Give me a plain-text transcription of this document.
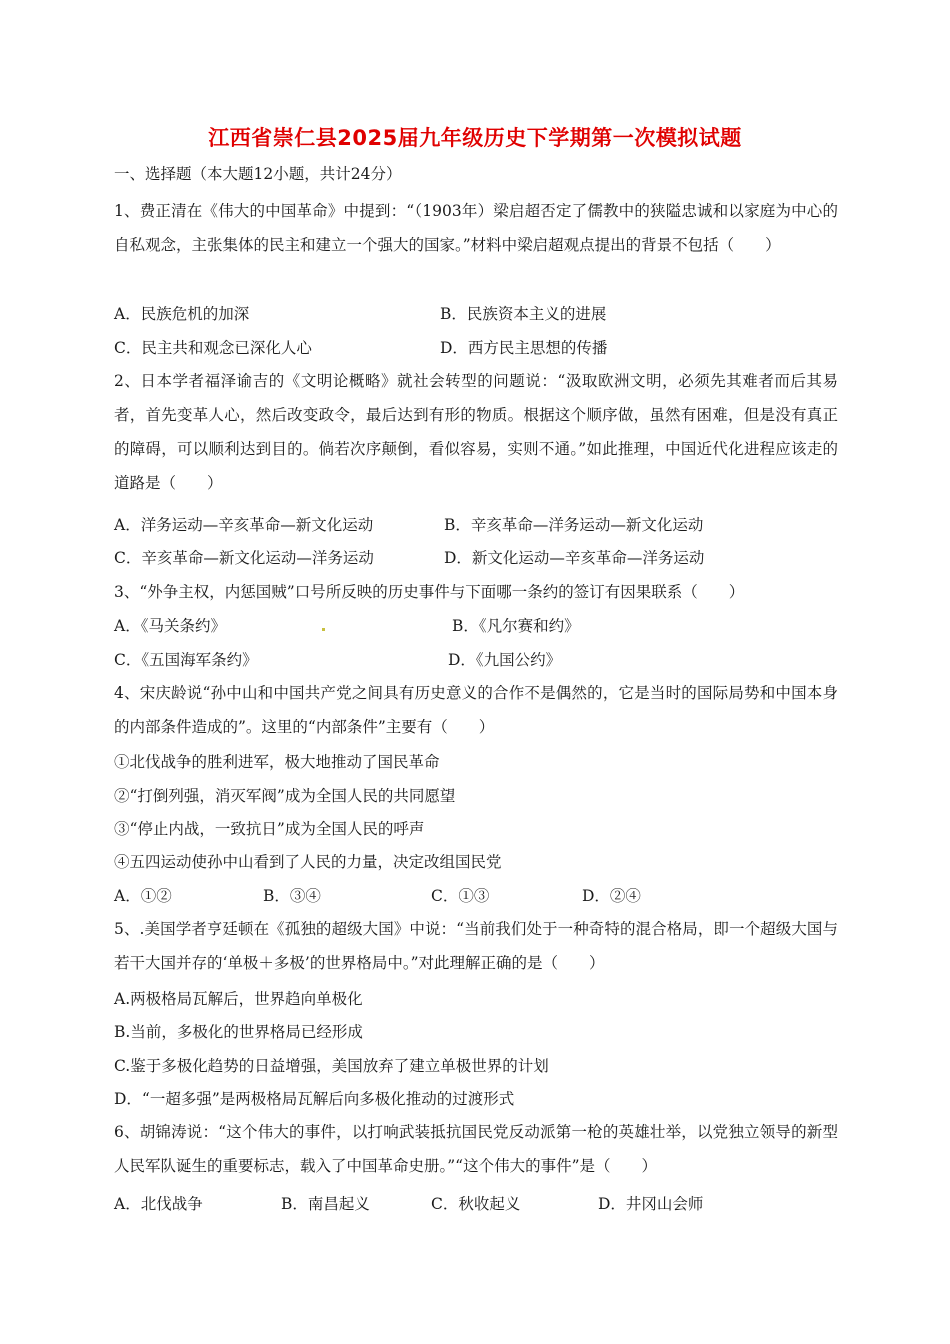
江西省崇仁县2025届九年级历史下学期第一次模拟试题
一、选择题（本大题12小题，共计24分）
1、费正清在《伟大的中国革命》中提到：“（1903年）梁启超否定了儒教中的狭隘忠诚和以家庭为中心的自私观念，主张集体的民主和建立一个强大的国家。”材料中梁启超观点提出的背景不包括（　　）
A．民族危机的加深	B．民族资本主义的进展
C．民主共和观念已深化人心	D．西方民主思想的传播
2、日本学者福泽谕吉的《文明论概略》就社会转型的问题说：“汲取欧洲文明，必须先其难者而后其易者，首先变革人心，然后改变政令，最后达到有形的物质。根据这个顺序做，虽然有困难，但是没有真正的障碍，可以顺利达到目的。倘若次序颠倒，看似容易，实则不通。”如此推理，中国近代化进程应该走的道路是（　　）
A．洋务运动—辛亥革命—新文化运动	B．辛亥革命—洋务运动—新文化运动
C．辛亥革命—新文化运动—洋务运动	D．新文化运动—辛亥革命—洋务运动
3、“外争主权，内惩国贼”口号所反映的历史事件与下面哪一条约的签订有因果联系（　　）
A．《马关条约》	B．《凡尔赛和约》
C．《五国海军条约》	D．《九国公约》
4、宋庆龄说“孙中山和中国共产党之间具有历史意义的合作不是偶然的，它是当时的国际局势和中国本身的内部条件造成的”。这里的“内部条件”主要有（　　）
①北伐战争的胜利进军，极大地推动了国民革命
②“打倒列强，消灭军阀”成为全国人民的共同愿望
③“停止内战，一致抗日”成为全国人民的呼声
④五四运动使孙中山看到了人民的力量，决定改组国民党
A．①②	B．③④	C．①③	D．②④
5、.美国学者亨廷顿在《孤独的超级大国》中说：“当前我们处于一种奇特的混合格局，即一个超级大国与若干大国并存的‘单极＋多极’的世界格局中。”对此理解正确的是（　　）
A.两极格局瓦解后，世界趋向单极化
B.当前，多极化的世界格局已经形成
C.鉴于多极化趋势的日益增强，美国放弃了建立单极世界的计划
D．“一超多强”是两极格局瓦解后向多极化推动的过渡形式
6、胡锦涛说：“这个伟大的事件，以打响武装抵抗国民党反动派第一枪的英雄壮举，以党独立领导的新型人民军队诞生的重要标志，载入了中国革命史册。”“这个伟大的事件”是（　　）
A．北伐战争	B．南昌起义	C．秋收起义	D．井冈山会师
